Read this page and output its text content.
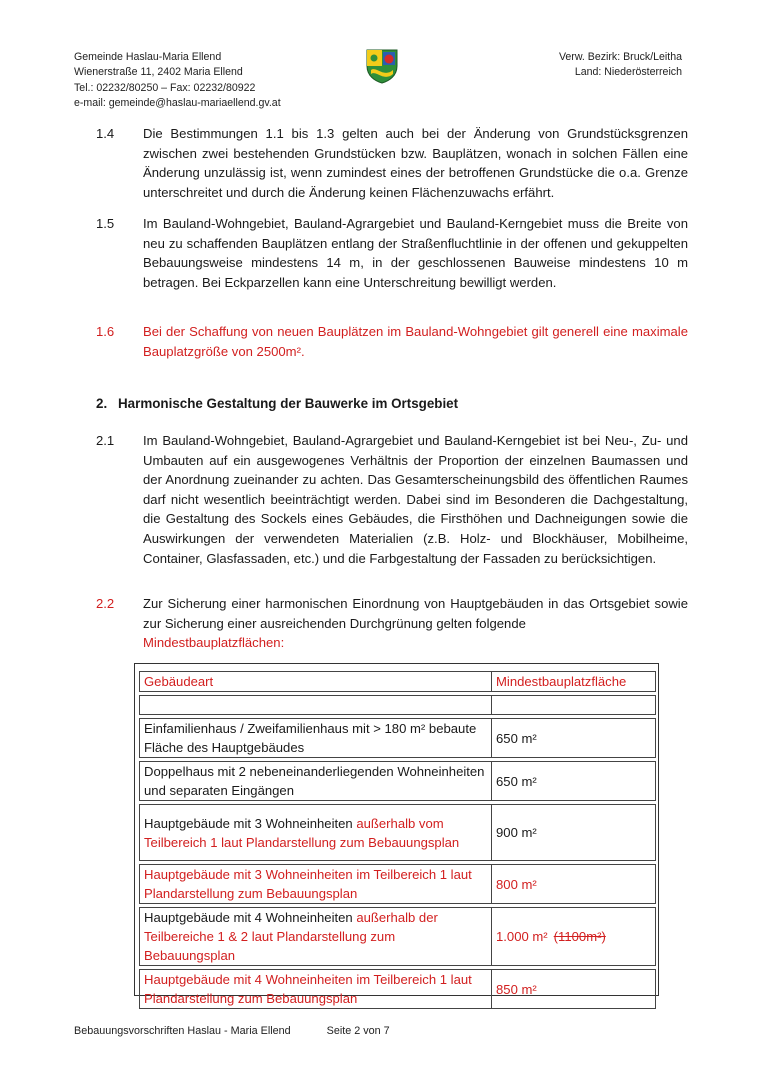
Gemeinde Haslau-Maria Ellend
Wienerstraße 11, 2402 Maria Ellend
Tel.: 02232/80250 – Fax: 02232/80922
e-mail: gemeinde@haslau-mariaellend.gv.at
Verw. Bezirk: Bruck/Leitha
Land: Niederösterreich
1.4 Die Bestimmungen 1.1 bis 1.3 gelten auch bei der Änderung von Grundstücksgrenzen zwischen zwei bestehenden Grundstücken bzw. Bauplätzen, wonach in solchen Fällen eine Änderung unzulässig ist, wenn zumindest eines der betroffenen Grundstücke die o.a. Grenze unterschreitet und durch die Änderung keinen Flächenzuwachs erfährt.
1.5 Im Bauland-Wohngebiet, Bauland-Agrargebiet und Bauland-Kerngebiet muss die Breite von neu zu schaffenden Bauplätzen entlang der Straßenfluchtlinie in der offenen und gekuppelten Bebauungsweise mindestens 14 m, in der geschlossenen Bauweise mindestens 10 m betragen. Bei Eckparzellen kann eine Unterschreitung bewilligt werden.
1.6 Bei der Schaffung von neuen Bauplätzen im Bauland-Wohngebiet gilt generell eine maximale Bauplatzgröße von 2500m².
2. Harmonische Gestaltung der Bauwerke im Ortsgebiet
2.1 Im Bauland-Wohngebiet, Bauland-Agrargebiet und Bauland-Kerngebiet ist bei Neu-, Zu- und Umbauten auf ein ausgewogenes Verhältnis der Proportion der einzelnen Baumassen und der Anordnung zueinander zu achten. Das Gesamterscheinungsbild des öffentlichen Raumes darf nicht wesentlich beeinträchtigt werden. Dabei sind im Besonderen die Dachgestaltung, die Gestaltung des Sockels eines Gebäudes, die Firsthöhen und Dachneigungen sowie die Auswirkungen der verwendeten Materialien (z.B. Holz- und Blockhäuser, Mobilheime, Container, Glasfassaden, etc.) und die Farbgestaltung der Fassaden zu berücksichtigen.
2.2 Zur Sicherung einer harmonischen Einordnung von Hauptgebäuden in das Ortsgebiet sowie zur Sicherung einer ausreichenden Durchgrünung gelten folgende
Mindestbauplatzflächen:
Gebäudeart	Mindestbauplatzfläche

Einfamilienhaus / Zweifamilienhaus mit > 180 m² bebaute Fläche des Hauptgebäudes	650 m²
Doppelhaus mit 2 nebeneinanderliegenden Wohneinheiten und separaten Eingängen	650 m²
Hauptgebäude mit 3 Wohneinheiten außerhalb vom Teilbereich 1 laut Plandarstellung zum Bebauungsplan	900 m²
Hauptgebäude mit 3 Wohneinheiten im Teilbereich 1 laut Plandarstellung zum Bebauungsplan	800 m²
Hauptgebäude mit 4 Wohneinheiten außerhalb der Teilbereiche 1 & 2 laut Plandarstellung zum Bebauungsplan	1.000 m² (1100m²)
Hauptgebäude mit 4 Wohneinheiten im Teilbereich 1 laut Plandarstellung zum Bebauungsplan	850 m²
Bebauungsvorschriften Haslau - Maria Ellend	Seite 2 von 7
